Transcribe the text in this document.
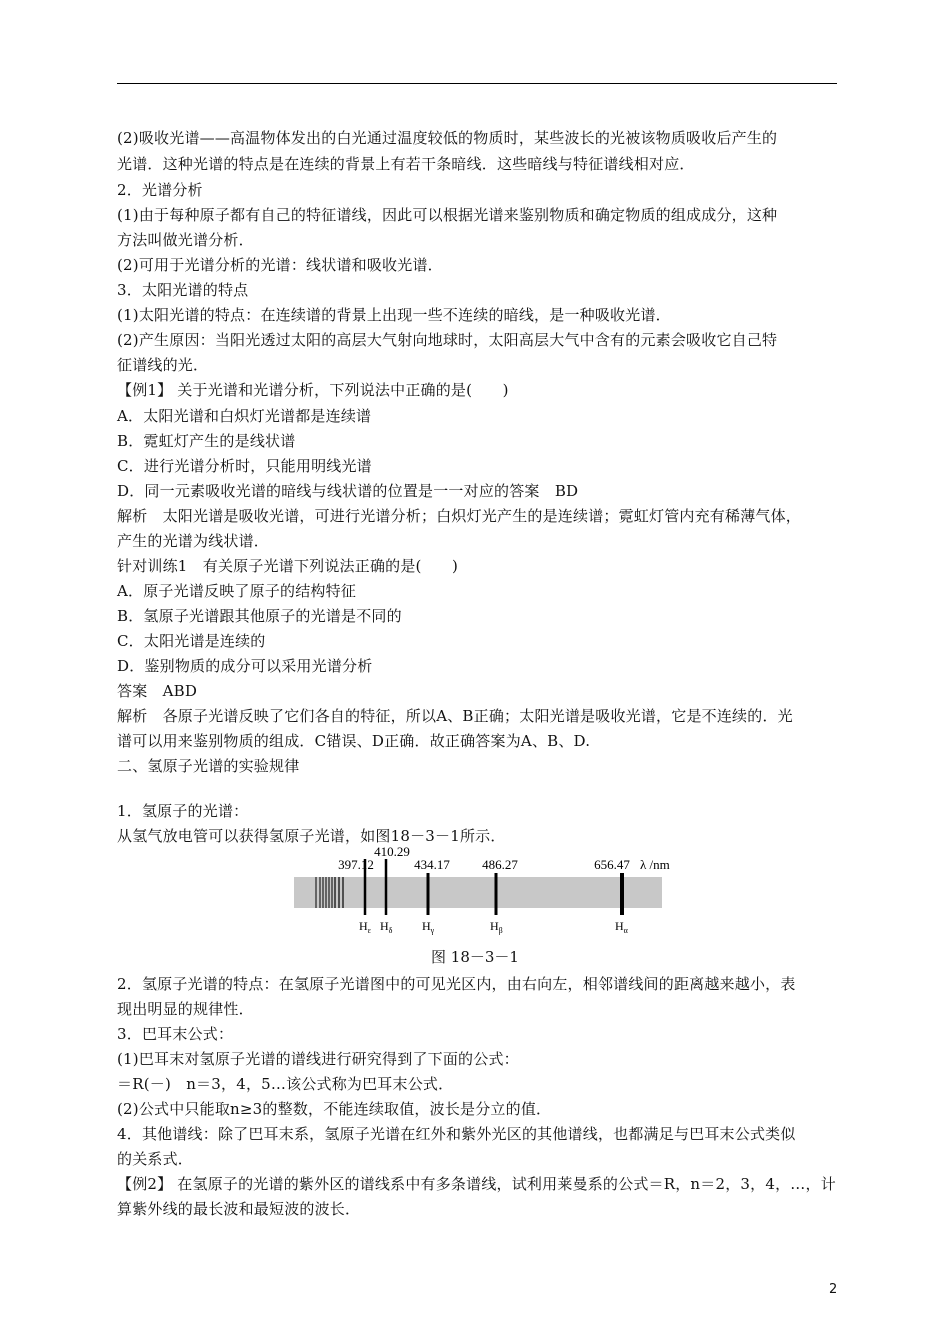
(2)吸收光谱——高温物体发出的白光通过温度较低的物质时，某些波长的光被该物质吸收后产生的
光谱．这种光谱的特点是在连续的背景上有若干条暗线．这些暗线与特征谱线相对应．
2．光谱分析
(1)由于每种原子都有自己的特征谱线，因此可以根据光谱来鉴别物质和确定物质的组成成分，这种
方法叫做光谱分析．
(2)可用于光谱分析的光谱：线状谱和吸收光谱．
3．太阳光谱的特点
(1)太阳光谱的特点：在连续谱的背景上出现一些不连续的暗线，是一种吸收光谱．
(2)产生原因：当阳光透过太阳的高层大气射向地球时，太阳高层大气中含有的元素会吸收它自己特
征谱线的光．
【例1】 关于光谱和光谱分析，下列说法中正确的是(　　)
A．太阳光谱和白炽灯光谱都是连续谱
B．霓虹灯产生的是线状谱
C．进行光谱分析时，只能用明线光谱
D．同一元素吸收光谱的暗线与线状谱的位置是一一对应的答案　BD
解析　太阳光谱是吸收光谱，可进行光谱分析；白炽灯光产生的是连续谱；霓虹灯管内充有稀薄气体，
产生的光谱为线状谱．
针对训练1　有关原子光谱下列说法正确的是(　　)
A．原子光谱反映了原子的结构特征
B．氢原子光谱跟其他原子的光谱是不同的
C．太阳光谱是连续的
D．鉴别物质的成分可以采用光谱分析
答案　ABD
解析　各原子光谱反映了它们各自的特征，所以A、B正确；太阳光谱是吸收光谱，它是不连续的．光
谱可以用来鉴别物质的组成．C错误、D正确．故正确答案为A、B、D.
二、氢原子光谱的实验规律
1．氢原子的光谱：
从氢气放电管可以获得氢原子光谱，如图18－3－1所示．
397.12
410.29
434.17 486.27	656.47 λ /nm
$H_\varepsilon$ $H_\delta$ $H_\gamma$	$H_\beta$	$H_\alpha$
图 18－3－1
2．氢原子光谱的特点：在氢原子光谱图中的可见光区内，由右向左，相邻谱线间的距离越来越小，表
现出明显的规律性．
3．巴耳末公式：
(1)巴耳末对氢原子光谱的谱线进行研究得到了下面的公式：
＝R(－)　n＝3，4，5…该公式称为巴耳末公式．
(2)公式中只能取n≥3的整数，不能连续取值，波长是分立的值．
4．其他谱线：除了巴耳末系，氢原子光谱在红外和紫外光区的其他谱线，也都满足与巴耳末公式类似
的关系式．
【例2】 在氢原子的光谱的紫外区的谱线系中有多条谱线，试利用莱曼系的公式＝R，n＝2，3，4，…，计
算紫外线的最长波和最短波的波长．
2
